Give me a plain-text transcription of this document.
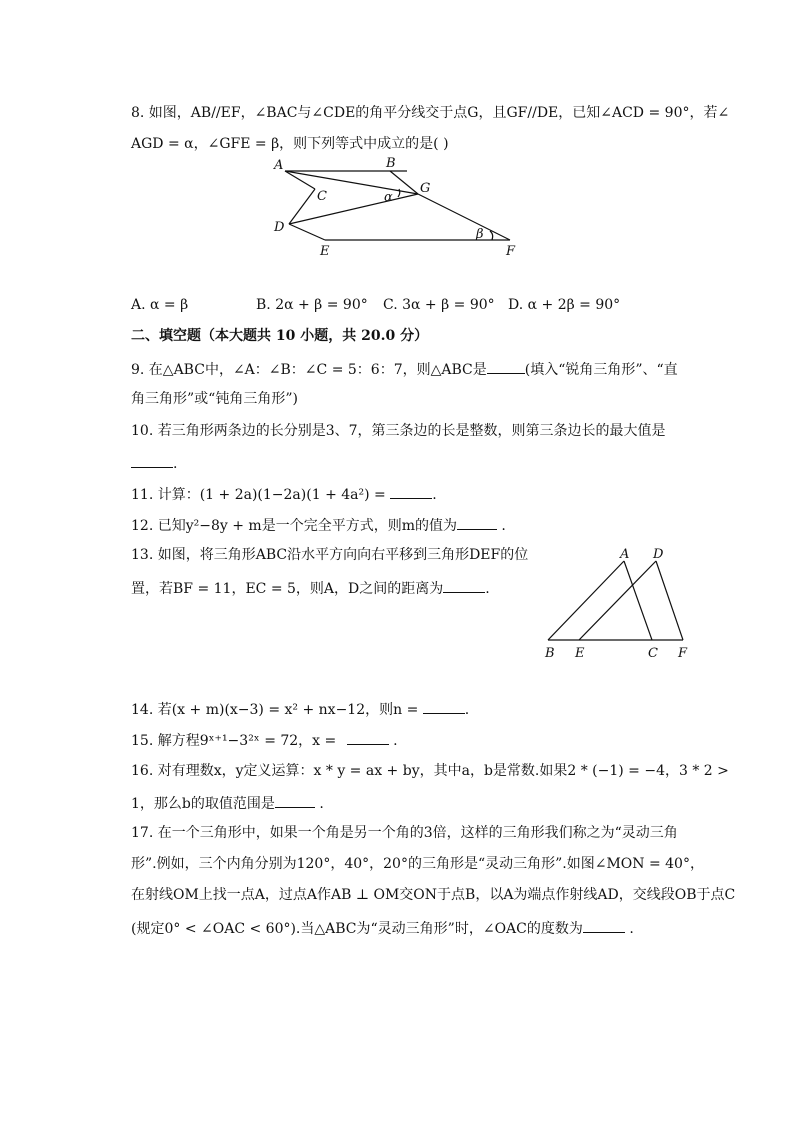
8. 如图，AB//EF，∠BAC与∠CDE的角平分线交于点G，且GF//DE，已知∠ACD = 90°，若∠
AGD = α，∠GFE = β，则下列等式中成立的是( )
A	B
G
C	α
D	β
E	F
A D
B E	C F
A. α = β	B. 2α + β = 90° C. 3α + β = 90° D. α + 2β = 90°
二、填空题（本大题共 10 小题，共 20.0 分）
9. 在△ABC中，∠A：∠B：∠C = 5：6：7，则△ABC是	(填入“锐角三角形”、“直
角三角形”或“钝角三角形”)
10. 若三角形两条边的长分别是3、7，第三条边的长是整数，则第三条边长的最大值是
.
11. 计算：(1 + 2a)(1−2a)(1 + 4a²) =	.
12. 已知y²−8y + m是一个完全平方式，则m的值为	.
13. 如图，将三角形ABC沿水平方向向右平移到三角形DEF的位
置，若BF = 11，EC = 5，则A，D之间的距离为	.
14. 若(x + m)(x−3) = x² + nx−12，则n =	.
15. 解方程9ˣ⁺¹−3²ˣ = 72，x =	.
16. 对有理数x，y定义运算：x * y = ax + by，其中a，b是常数.如果2 * (−1) = −4，3 * 2 >
1，那么b的取值范围是	.
17. 在一个三角形中，如果一个角是另一个角的3倍，这样的三角形我们称之为“灵动三角
形”.例如，三个内角分别为120°，40°，20°的三角形是“灵动三角形”.如图∠MON = 40°，
在射线OM上找一点A，过点A作AB ⊥ OM交ON于点B，以A为端点作射线AD，交线段OB于点C
(规定0° < ∠OAC < 60°).当△ABC为“灵动三角形”时，∠OAC的度数为	.
